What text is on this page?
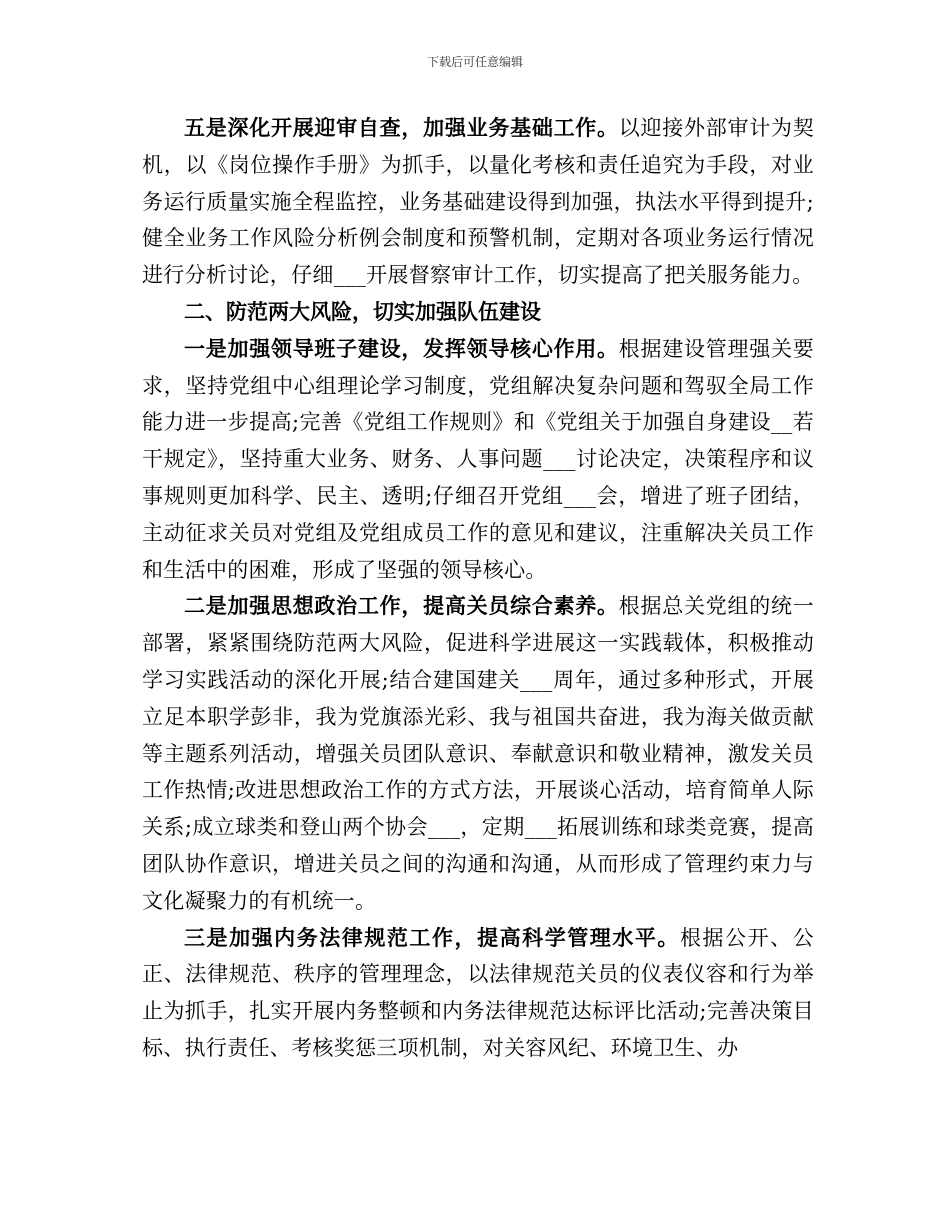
下载后可任意编辑

五是深化开展迎审自查，加强业务基础工作。以迎接外部审计为契机，以《岗位操作手册》为抓手，以量化考核和责任追究为手段，对业务运行质量实施全程监控，业务基础建设得到加强，执法水平得到提升;健全业务工作风险分析例会制度和预警机制，定期对各项业务运行情况进行分析讨论，仔细___开展督察审计工作，切实提高了把关服务能力。

二、防范两大风险，切实加强队伍建设

一是加强领导班子建设，发挥领导核心作用。根据建设管理强关要求，坚持党组中心组理论学习制度，党组解决复杂问题和驾驭全局工作能力进一步提高;完善《党组工作规则》和《党组关于加强自身建设__若干规定》，坚持重大业务、财务、人事问题___讨论决定，决策程序和议事规则更加科学、民主、透明;仔细召开党组___会，增进了班子团结，主动征求关员对党组及党组成员工作的意见和建议，注重解决关员工作和生活中的困难，形成了坚强的领导核心。

二是加强思想政治工作，提高关员综合素养。根据总关党组的统一部署，紧紧围绕防范两大风险，促进科学进展这一实践载体，积极推动学习实践活动的深化开展;结合建国建关___周年，通过多种形式，开展立足本职学彭非，我为党旗添光彩、我与祖国共奋进，我为海关做贡献等主题系列活动，增强关员团队意识、奉献意识和敬业精神，激发关员工作热情;改进思想政治工作的方式方法，开展谈心活动，培育简单人际关系;成立球类和登山两个协会___，定期___拓展训练和球类竞赛，提高团队协作意识，增进关员之间的沟通和沟通，从而形成了管理约束力与文化凝聚力的有机统一。

三是加强内务法律规范工作，提高科学管理水平。根据公开、公正、法律规范、秩序的管理理念，以法律规范关员的仪表仪容和行为举止为抓手，扎实开展内务整顿和内务法律规范达标评比活动;完善决策目标、执行责任、考核奖惩三项机制，对关容风纪、环境卫生、办
